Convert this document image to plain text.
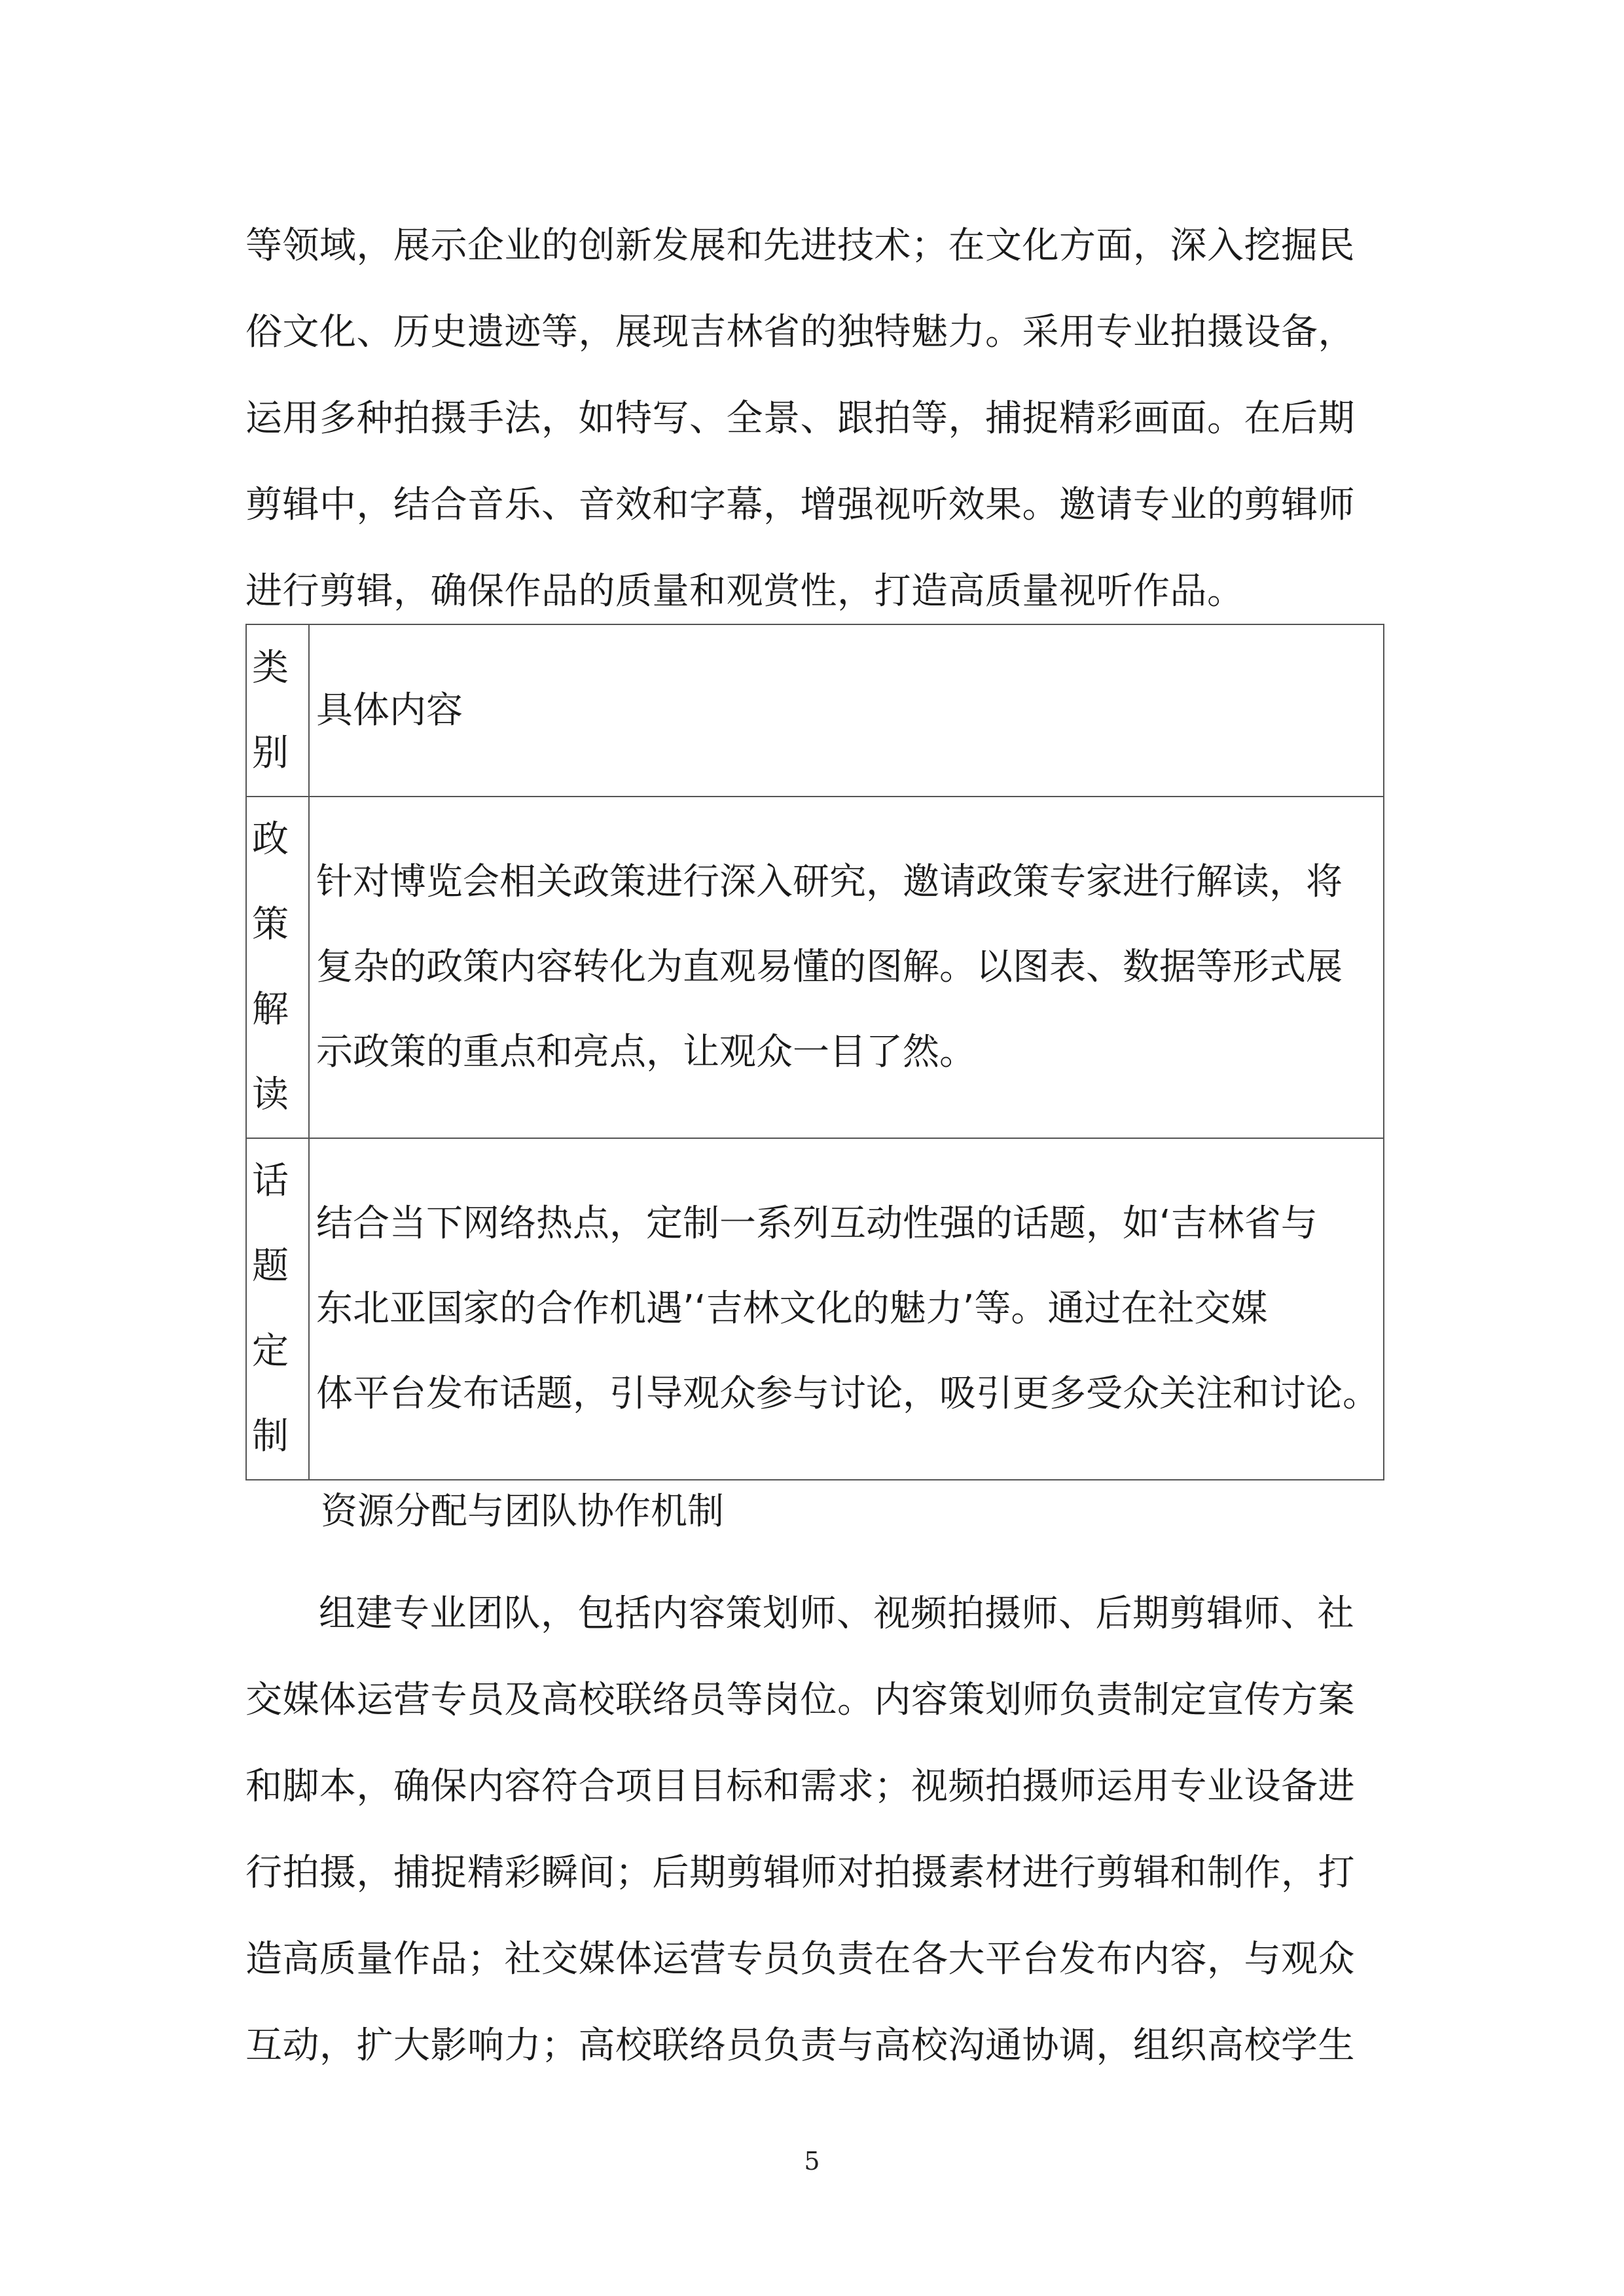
等领域，展示企业的创新发展和先进技术；在文化方面，深入挖掘民
俗文化、历史遗迹等，展现吉林省的独特魅力。采用专业拍摄设备，
运用多种拍摄手法，如特写、全景、跟拍等，捕捉精彩画面。在后期
剪辑中，结合音乐、音效和字幕，增强视听效果。邀请专业的剪辑师
进行剪辑，确保作品的质量和观赏性，打造高质量视听作品。
类
别	具体内容

政
策
解
读	针对博览会相关政策进行深入研究，邀请政策专家进行解读，将
复杂的政策内容转化为直观易懂的图解。以图表、数据等形式展
示政策的重点和亮点，让观众一目了然。

话
题
定
制	结合当下网络热点，定制一系列互动性强的话题，如‘吉林省与
东北亚国家的合作机遇’‘吉林文化的魅力’等。通过在社交媒
体平台发布话题，引导观众参与讨论，吸引更多受众关注和讨论。

资源分配与团队协作机制

组建专业团队，包括内容策划师、视频拍摄师、后期剪辑师、社
交媒体运营专员及高校联络员等岗位。内容策划师负责制定宣传方案
和脚本，确保内容符合项目目标和需求；视频拍摄师运用专业设备进
行拍摄，捕捉精彩瞬间；后期剪辑师对拍摄素材进行剪辑和制作，打
造高质量作品；社交媒体运营专员负责在各大平台发布内容，与观众
互动，扩大影响力；高校联络员负责与高校沟通协调，组织高校学生
5
